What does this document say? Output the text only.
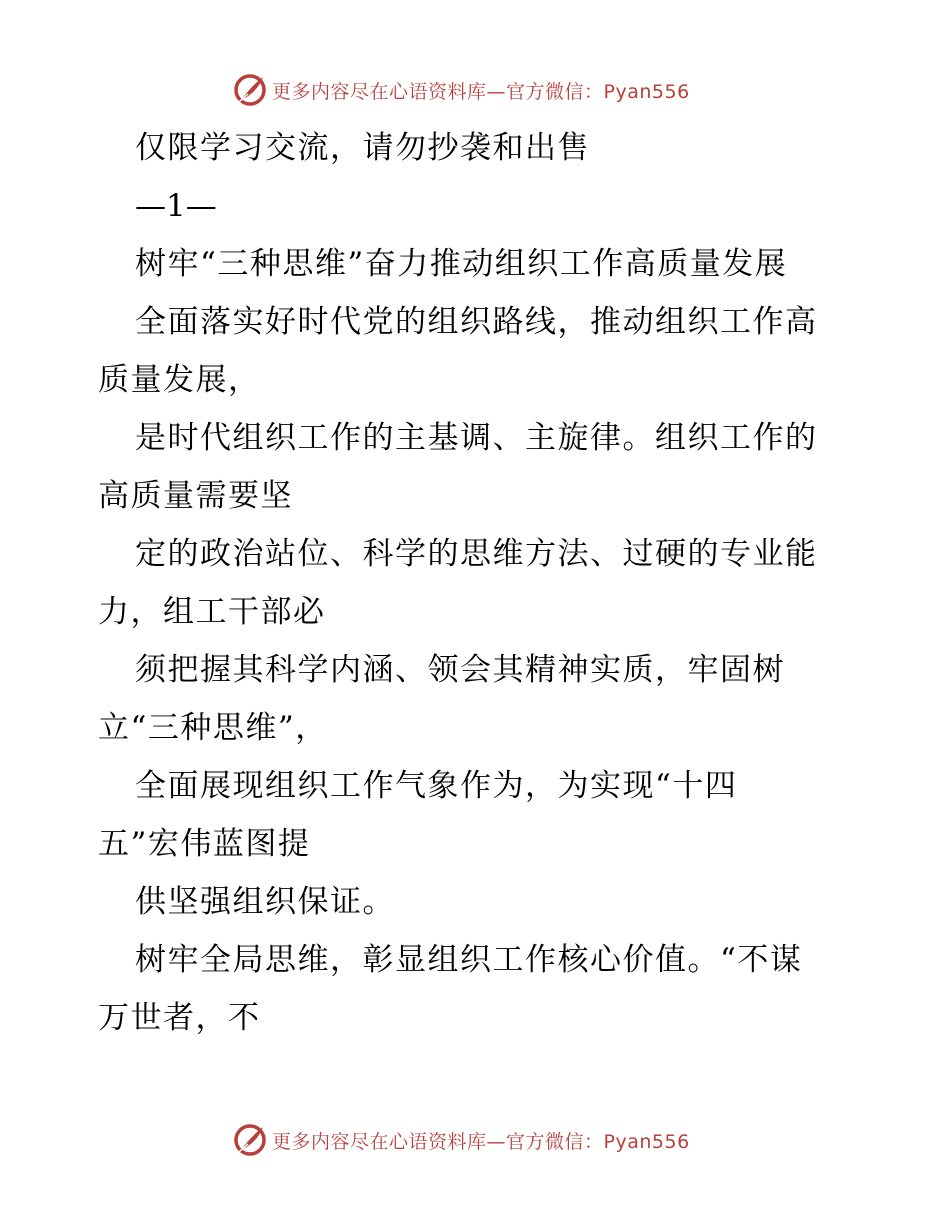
更多内容尽在心语资料库—官方微信：Pyan556
仅限学习交流，请勿抄袭和出售
—1—
树牢“三种思维”奋力推动组织工作高质量发展
全面落实好时代党的组织路线，推动组织工作高
质量发展，
是时代组织工作的主基调、主旋律。组织工作的
高质量需要坚
定的政治站位、科学的思维方法、过硬的专业能
力，组工干部必
须把握其科学内涵、领会其精神实质，牢固树
立“三种思维”，
全面展现组织工作气象作为，为实现“十四
五”宏伟蓝图提
供坚强组织保证。
树牢全局思维，彰显组织工作核心价值。“不谋
万世者，不
更多内容尽在心语资料库—官方微信：Pyan556
